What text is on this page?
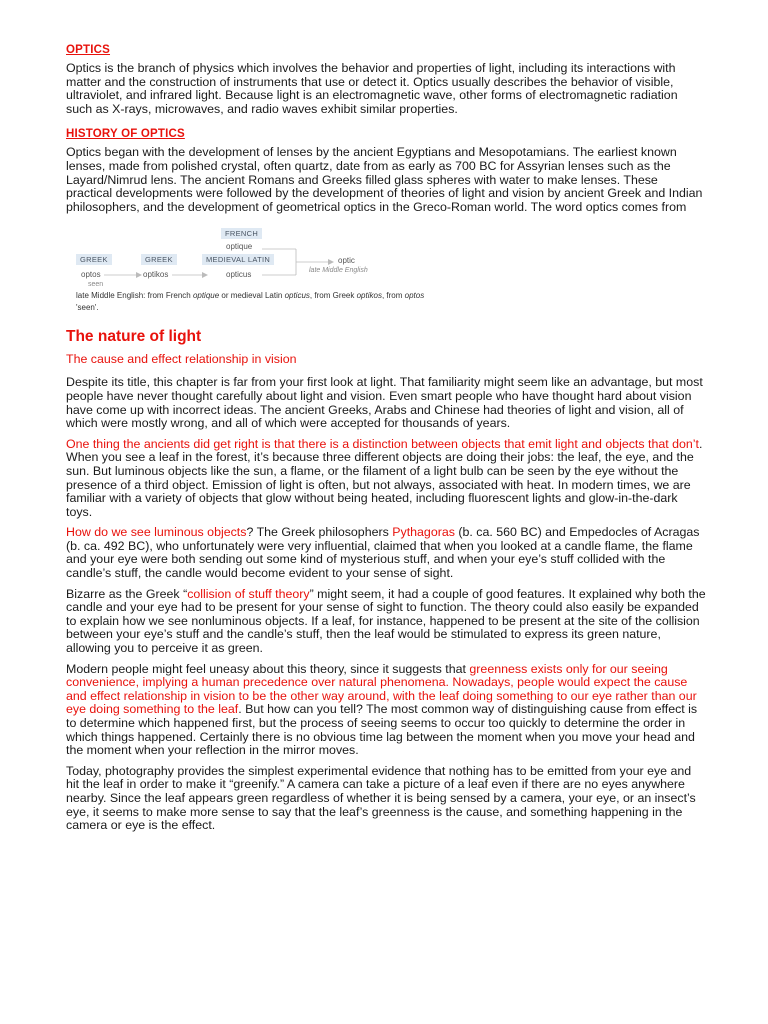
OPTICS

Optics is the branch of physics which involves the behavior and properties of light, including its interactions with matter and the construction of instruments that use or detect it. Optics usually describes the behavior of visible, ultraviolet, and infrared light. Because light is an electromagnetic wave, other forms of electromagnetic radiation such as X-rays, microwaves, and radio waves exhibit similar properties.

HISTORY OF OPTICS

Optics began with the development of lenses by the ancient Egyptians and Mesopotamians. The earliest known lenses, made from polished crystal, often quartz, date from as early as 700 BC for Assyrian lenses such as the Layard/Nimrud lens. The ancient Romans and Greeks filled glass spheres with water to make lenses. These practical developments were followed by the development of theories of light and vision by ancient Greek and Indian philosophers, and the development of geometrical optics in the Greco-Roman world. The word optics comes from

FRENCH
optique
GREEK	GREEK	MEDIEVAL LATIN
optos
seen
optikos	opticus
optic
late Middle English
late Middle English: from French optique or medieval Latin opticus, from Greek optikos, from optos
'seen'.
The nature of light
The cause and effect relationship in vision

Despite its title, this chapter is far from your first look at light. That familiarity might seem like an advantage, but most people have never thought carefully about light and vision. Even smart people who have thought hard about vision have come up with incorrect ideas. The ancient Greeks, Arabs and Chinese had theories of light and vision, all of which were mostly wrong, and all of which were accepted for thousands of years.

One thing the ancients did get right is that there is a distinction between objects that emit light and objects that don’t. When you see a leaf in the forest, it’s because three different objects are doing their jobs: the leaf, the eye, and the sun. But luminous objects like the sun, a flame, or the filament of a light bulb can be seen by the eye without the presence of a third object. Emission of light is often, but not always, associated with heat. In modern times, we are familiar with a variety of objects that glow without being heated, including fluorescent lights and glow-in-the-dark toys.

How do we see luminous objects? The Greek philosophers Pythagoras (b. ca. 560 BC) and Empedocles of Acragas (b. ca. 492 BC), who unfortunately were very influential, claimed that when you looked at a candle flame, the flame and your eye were both sending out some kind of mysterious stuff, and when your eye’s stuff collided with the candle’s stuff, the candle would become evident to your sense of sight.

Bizarre as the Greek “collision of stuff theory” might seem, it had a couple of good features. It explained why both the candle and your eye had to be present for your sense of sight to function. The theory could also easily be expanded to explain how we see nonluminous objects. If a leaf, for instance, happened to be present at the site of the collision between your eye’s stuff and the candle’s stuff, then the leaf would be stimulated to express its green nature, allowing you to perceive it as green.

Modern people might feel uneasy about this theory, since it suggests that greenness exists only for our seeing convenience, implying a human precedence over natural phenomena. Nowadays, people would expect the cause and effect relationship in vision to be the other way around, with the leaf doing something to our eye rather than our eye doing something to the leaf. But how can you tell? The most common way of distinguishing cause from effect is to determine which happened first, but the process of seeing seems to occur too quickly to determine the order in which things happened. Certainly there is no obvious time lag between the moment when you move your head and the moment when your reflection in the mirror moves.

Today, photography provides the simplest experimental evidence that nothing has to be emitted from your eye and hit the leaf in order to make it “greenify.” A camera can take a picture of a leaf even if there are no eyes anywhere nearby. Since the leaf appears green regardless of whether it is being sensed by a camera, your eye, or an insect’s eye, it seems to make more sense to say that the leaf’s greenness is the cause, and something happening in the camera or eye is the effect.
